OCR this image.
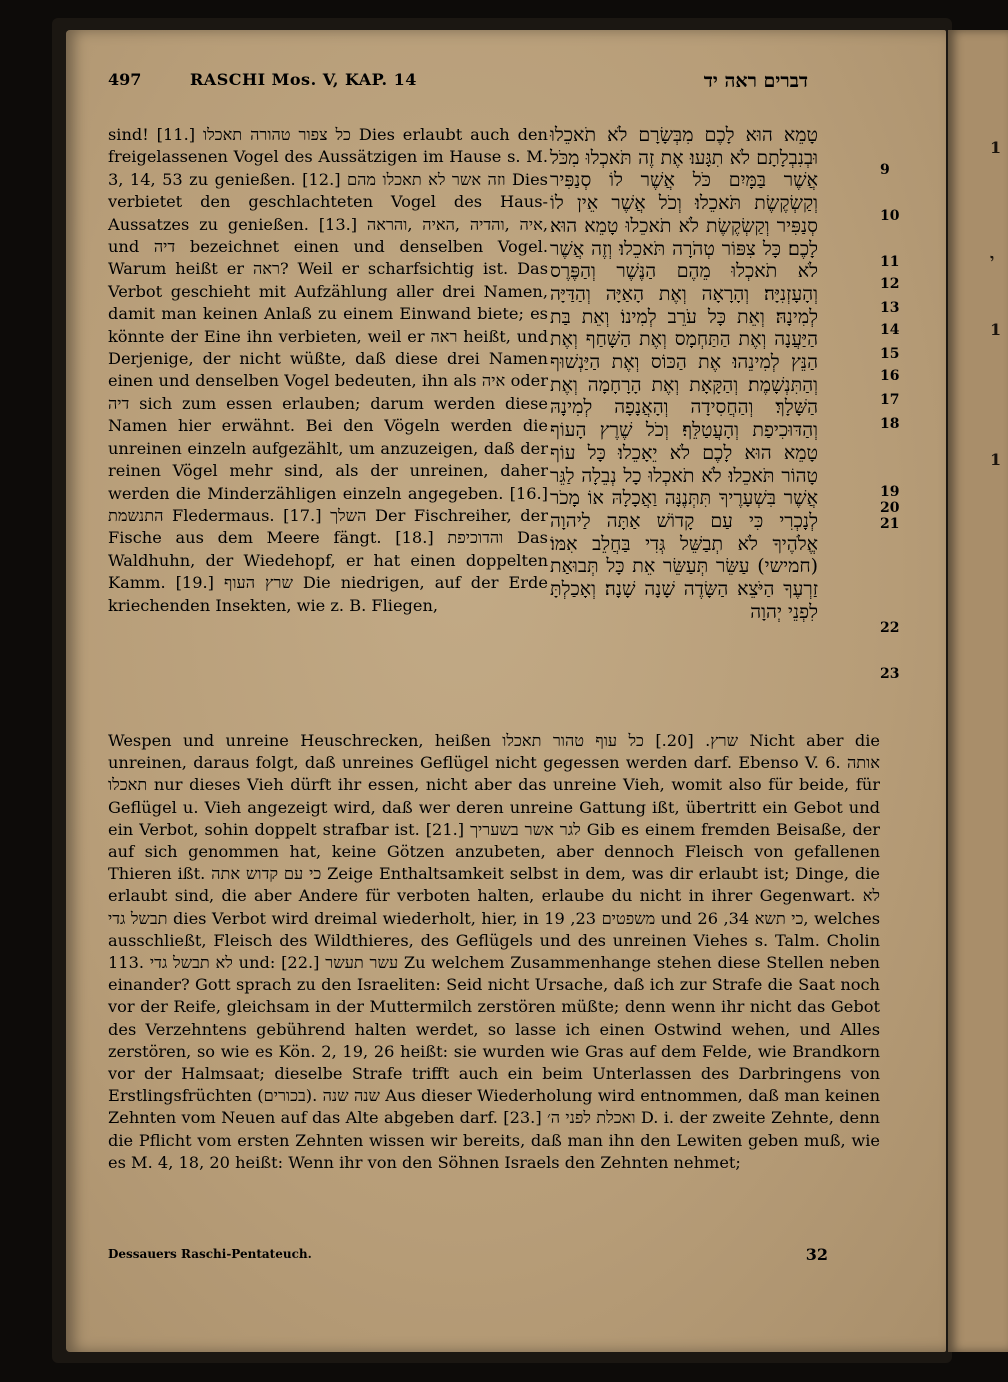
1
י
1
1
497	RASCHI Mos. V, KAP. 14	דברים ראה יד

sind! [11.] כל צפור טהורה תאכלו Dies erlaubt auch den freigelassenen Vogel des Aussätzigen im Hause s. M. 3, 14, 53 zu genießen. [12.] וזה אשר לא תאכלו מהם Dies verbietet den geschlachteten Vogel des Haus-Aussatzes zu genießen. [13.] איה ,והדיה ,האיה ,והראה, und דיה bezeichnet einen und denselben Vogel. Warum heißt er ראה? Weil er scharfsichtig ist. Das Verbot geschieht mit Aufzählung aller drei Namen, damit man keinen Anlaß zu einem Einwand biete; es könnte der Eine ihn verbieten, weil er ראה heißt, und Derjenige, der nicht wüßte, daß diese drei Namen einen und denselben Vogel bedeuten, ihn als איה oder דיה sich zum essen erlauben; darum werden diese Namen hier erwähnt. Bei den Vögeln werden die unreinen einzeln aufgezählt, um anzuzeigen, daß der reinen Vögel mehr sind, als der unreinen, daher werden die Minderzähligen einzeln angegeben. [16.] התנשמת Fledermaus. [17.] השלך Der Fischreiher, der Fische aus dem Meere fängt. [18.] והדוכיפת Das Waldhuhn, der Wiedehopf, er hat einen doppelten Kamm. [19.] שרץ העוף Die niedrigen, auf der Erde kriechenden Insekten, wie z. B. Fliegen,

טָמֵא הוּא לָכֶם מִבְּשָׂרָם לֹא תֹאכֵלוּ וּבְנִבְלָתָם לֹא תִגָּעוּ׃ אֶת זֶה תֹּאכְלוּ מִכֹּל אֲשֶׁר בַּמָּיִם כֹּל אֲשֶׁר לוֹ סְנַפִּיר וְקַשְׂקֶשֶׂת תֹּאכֵלוּ׃ וְכֹל אֲשֶׁר אֵין לוֹ סְנַפִּיר וְקַשְׂקֶשֶׂת לֹא תֹאכֵלוּ טָמֵא הוּא לָכֶם׃ כָּל צִפּוֹר טְהֹרָה תֹּאכֵלוּ׃ וְזֶה אֲשֶׁר לֹא תֹאכְלוּ מֵהֶם הַנֶּשֶׁר וְהַפֶּרֶס וְהָעָזְנִיָּה׃ וְהָרָאָה וְאֶת הָאַיָּה וְהַדַּיָּה לְמִינָהּ׃ וְאֵת כָּל עֹרֵב לְמִינוֹ׃ וְאֵת בַּת הַיַּעֲנָה וְאֶת הַתַּחְמָס וְאֶת הַשָּׁחַף וְאֶת הַנֵּץ לְמִינֵהוּ׃ אֶת הַכּוֹס וְאֶת הַיַּנְשׁוּף וְהַתִּנְשָׁמֶת׃ וְהַקָּאָת וְאֶת הָרָחָמָה וְאֶת הַשָּׁלָךְ׃ וְהַחֲסִידָה וְהָאֲנָפָה לְמִינָהּ וְהַדּוּכִיפַת וְהָעֲטַלֵּף׃ וְכֹל שֶׁרֶץ הָעוֹף טָמֵא הוּא לָכֶם לֹא יֵאָכֵלוּ׃ כָּל עוֹף טָהוֹר תֹּאכֵלוּ׃ לֹא תֹאכְלוּ כָל נְבֵלָה לַגֵּר אֲשֶׁר בִּשְׁעָרֶיךָ תִּתְּנֶנָּה וַאֲכָלָהּ אוֹ מָכֹר לְנָכְרִי כִּי עַם קָדוֹשׁ אַתָּה לַיהוָה אֱלֹהֶיךָ לֹא תְבַשֵּׁל גְּדִי בַּחֲלֵב אִמּוֹ׃ (חמישי) עַשֵּׂר תְּעַשֵּׂר אֵת כָּל תְּבוּאַת זַרְעֶךָ הַיֹּצֵא הַשָּׂדֶה שָׁנָה שָׁנָה׃ וְאָכַלְתָּ לִפְנֵי יְהוָה

9
10
11
12
13
14
15
16
17
18
19
20
21
22
23

Wespen und unreine Heuschrecken, heißen שרץ. [20.] כל עוף טהור תאכלו Nicht aber die unreinen, daraus folgt, daß unreines Geflügel nicht gegessen werden darf. Ebenso V. 6. אותה תאכלו nur dieses Vieh dürft ihr essen, nicht aber das unreine Vieh, womit also für beide, für Geflügel u. Vieh angezeigt wird, daß wer deren unreine Gattung ißt, übertritt ein Gebot und ein Verbot, sohin doppelt strafbar ist. [21.] לגר אשר בשעריך Gib es einem fremden Beisaße, der auf sich genommen hat, keine Götzen anzubeten, aber dennoch Fleisch von gefallenen Thieren ißt. כי עם קדוש אתה Zeige Enthaltsamkeit selbst in dem, was dir erlaubt ist; Dinge, die erlaubt sind, die aber Andere für verboten halten, erlaube du nicht in ihrer Gegenwart. לא תבשל גדי dies Verbot wird dreimal wiederholt, hier, in משפטים 23, 19 und כי תשא 34, 26, welches ausschließt, Fleisch des Wildthieres, des Geflügels und des unreinen Viehes s. Talm. Cholin 113. לא תבשל גדי und: [22.] עשר תעשר Zu welchem Zusammenhange stehen diese Stellen neben einander? Gott sprach zu den Israeliten: Seid nicht Ursache, daß ich zur Strafe die Saat noch vor der Reife, gleichsam in der Muttermilch zerstören müßte; denn wenn ihr nicht das Gebot des Verzehntens gebührend halten werdet, so lasse ich einen Ostwind wehen, und Alles zerstören, so wie es Kön. 2, 19, 26 heißt: sie wurden wie Gras auf dem Felde, wie Brandkorn vor der Halmsaat; dieselbe Strafe trifft auch ein beim Unterlassen des Darbringens von Erstlingsfrüchten (בכורים). שנה שנה Aus dieser Wiederholung wird entnommen, daß man keinen Zehnten vom Neuen auf das Alte abgeben darf. [23.] ואכלת לפני ה׳ D. i. der zweite Zehnte, denn die Pflicht vom ersten Zehnten wissen wir bereits, daß man ihn den Lewiten geben muß, wie es M. 4, 18, 20 heißt: Wenn ihr von den Söhnen Israels den Zehnten nehmet;

Dessauers Raschi-Pentateuch.	32
